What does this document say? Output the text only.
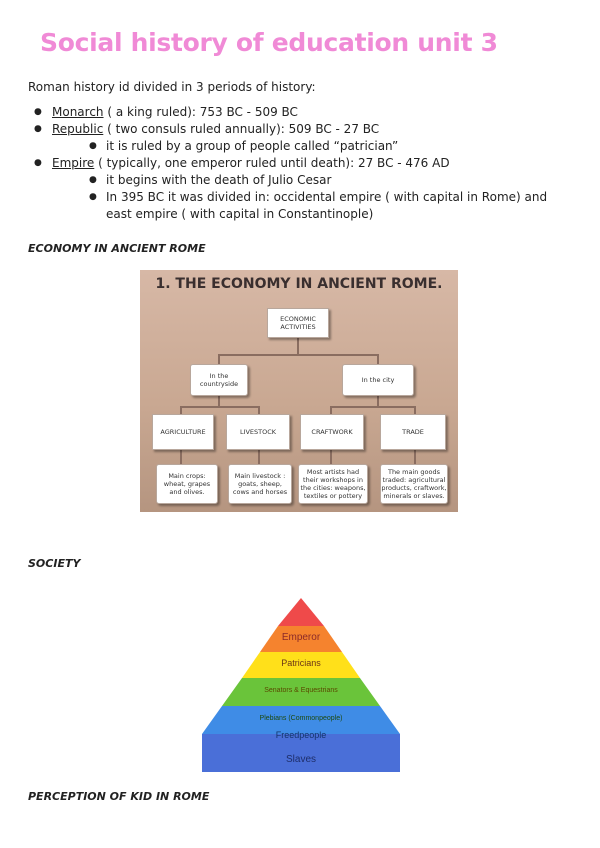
Social history of education unit 3
Roman history id divided in 3 periods of history:
● Monarch ( a king ruled): 753 BC - 509 BC
● Republic ( two consuls ruled annually): 509 BC - 27 BC
● it is ruled by a group of people called “patrician”
● Empire ( typically, one emperor ruled until death): 27 BC - 476 AD
● it begins with the death of Julio Cesar
● In 395 BC it was divided in: occidental empire ( with capital in Rome) and east empire ( with capital in Constantinople)
ECONOMY IN ANCIENT ROME
1. THE ECONOMY IN ANCIENT ROME.
ECONOMIC ACTIVITIES
In the countryside	In the city
AGRICULTURE	LIVESTOCK	CRAFTWORK	TRADE
Main crops: wheat, grapes and olives.
Main livestock : goats, sheep, cows and horses
Most artists had their workshops in the cities: weapons, textiles or pottery
The main goods traded: agricultural products, craftwork, minerals or slaves.
SOCIETY
Emperor
Patricians
Senators & Equestrians
Plebians (Commonpeople)
Freedpeople
Slaves
PERCEPTION OF KID IN ROME
